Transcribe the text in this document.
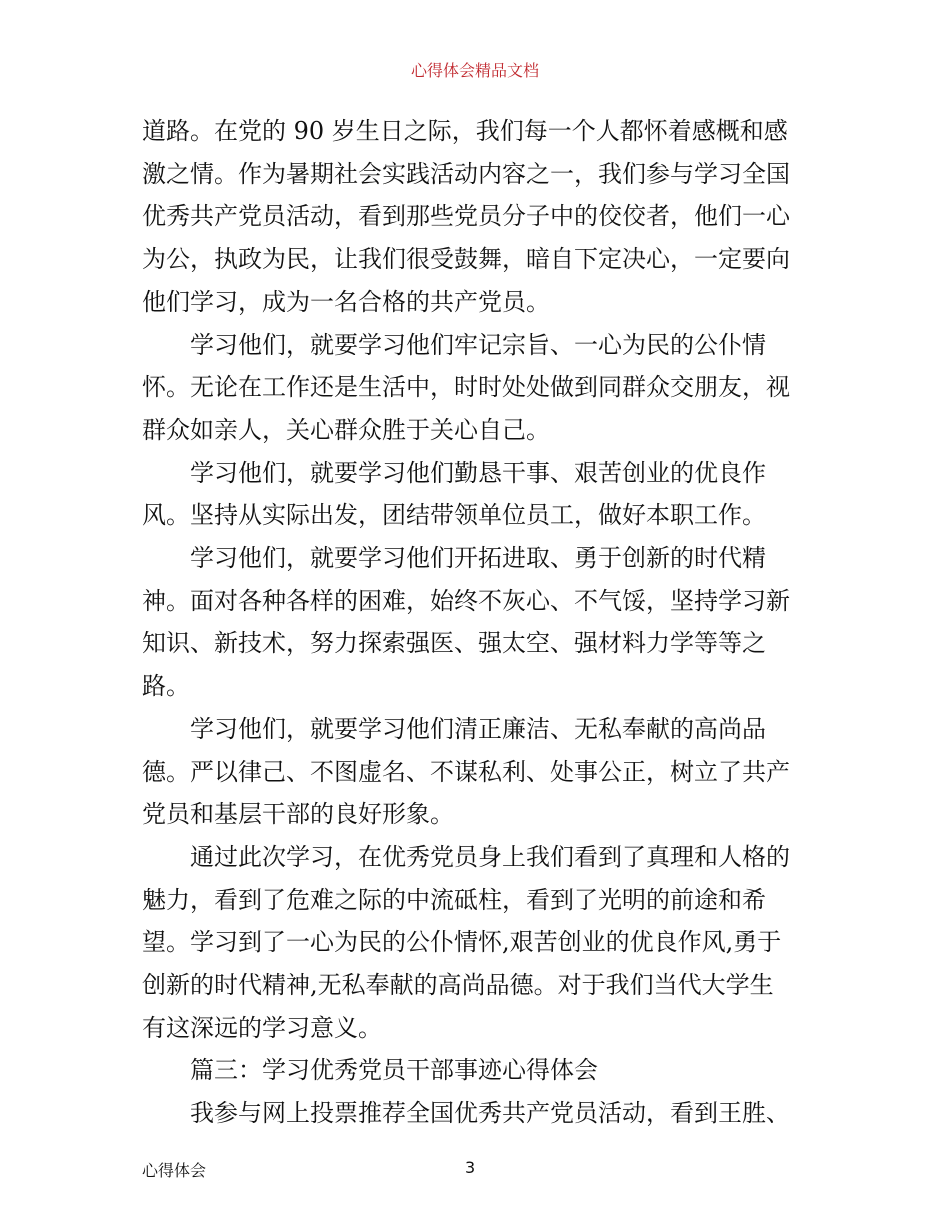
心得体会精品文档

道路。在党的 90 岁生日之际，我们每一个人都怀着感概和感
激之情。作为暑期社会实践活动内容之一，我们参与学习全国
优秀共产党员活动，看到那些党员分子中的佼佼者，他们一心
为公，执政为民，让我们很受鼓舞，暗自下定决心，一定要向
他们学习，成为一名合格的共产党员。

学习他们，就要学习他们牢记宗旨、一心为民的公仆情
怀。无论在工作还是生活中，时时处处做到同群众交朋友，视
群众如亲人，关心群众胜于关心自己。

学习他们，就要学习他们勤恳干事、艰苦创业的优良作
风。坚持从实际出发，团结带领单位员工，做好本职工作。

学习他们，就要学习他们开拓进取、勇于创新的时代精
神。面对各种各样的困难，始终不灰心、不气馁，坚持学习新
知识、新技术，努力探索强医、强太空、强材料力学等等之
路。

学习他们，就要学习他们清正廉洁、无私奉献的高尚品
德。严以律己、不图虚名、不谋私利、处事公正，树立了共产
党员和基层干部的良好形象。

通过此次学习，在优秀党员身上我们看到了真理和人格的
魅力，看到了危难之际的中流砥柱，看到了光明的前途和希
望。学习到了一心为民的公仆情怀,艰苦创业的优良作风,勇于
创新的时代精神,无私奉献的高尚品德。对于我们当代大学生
有这深远的学习意义。

篇三：学习优秀党员干部事迹心得体会

我参与网上投票推荐全国优秀共产党员活动，看到王胜、

心得体会	3
